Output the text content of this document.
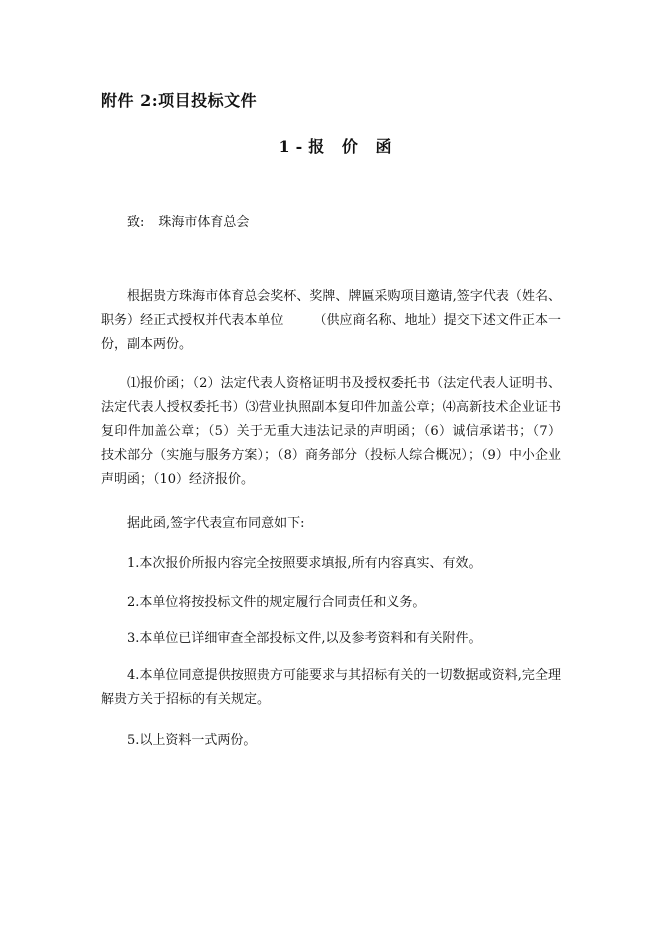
附件 2:项目投标文件
1-报 价 函
致: 珠海市体育总会
根据贵方珠海市体育总会奖杯、奖牌、牌匾采购项目邀请,签字代表（姓名、职务）经正式授权并代表本单位 （供应商名称、地址）提交下述文件正本一份，副本两份。
⑴报价函；（2）法定代表人资格证明书及授权委托书（法定代表人证明书、法定代表人授权委托书）⑶营业执照副本复印件加盖公章；⑷高新技术企业证书复印件加盖公章；（5）关于无重大违法记录的声明函；（6）诚信承诺书；（7）技术部分（实施与服务方案）；（8）商务部分（投标人综合概况）；（9）中小企业声明函；（10）经济报价。
据此函,签字代表宣布同意如下:
1.本次报价所报内容完全按照要求填报,所有内容真实、有效。
2.本单位将按投标文件的规定履行合同责任和义务。
3.本单位已详细审查全部投标文件,以及参考资料和有关附件。
4.本单位同意提供按照贵方可能要求与其招标有关的一切数据或资料,完全理解贵方关于招标的有关规定。
5.以上资料一式两份。
